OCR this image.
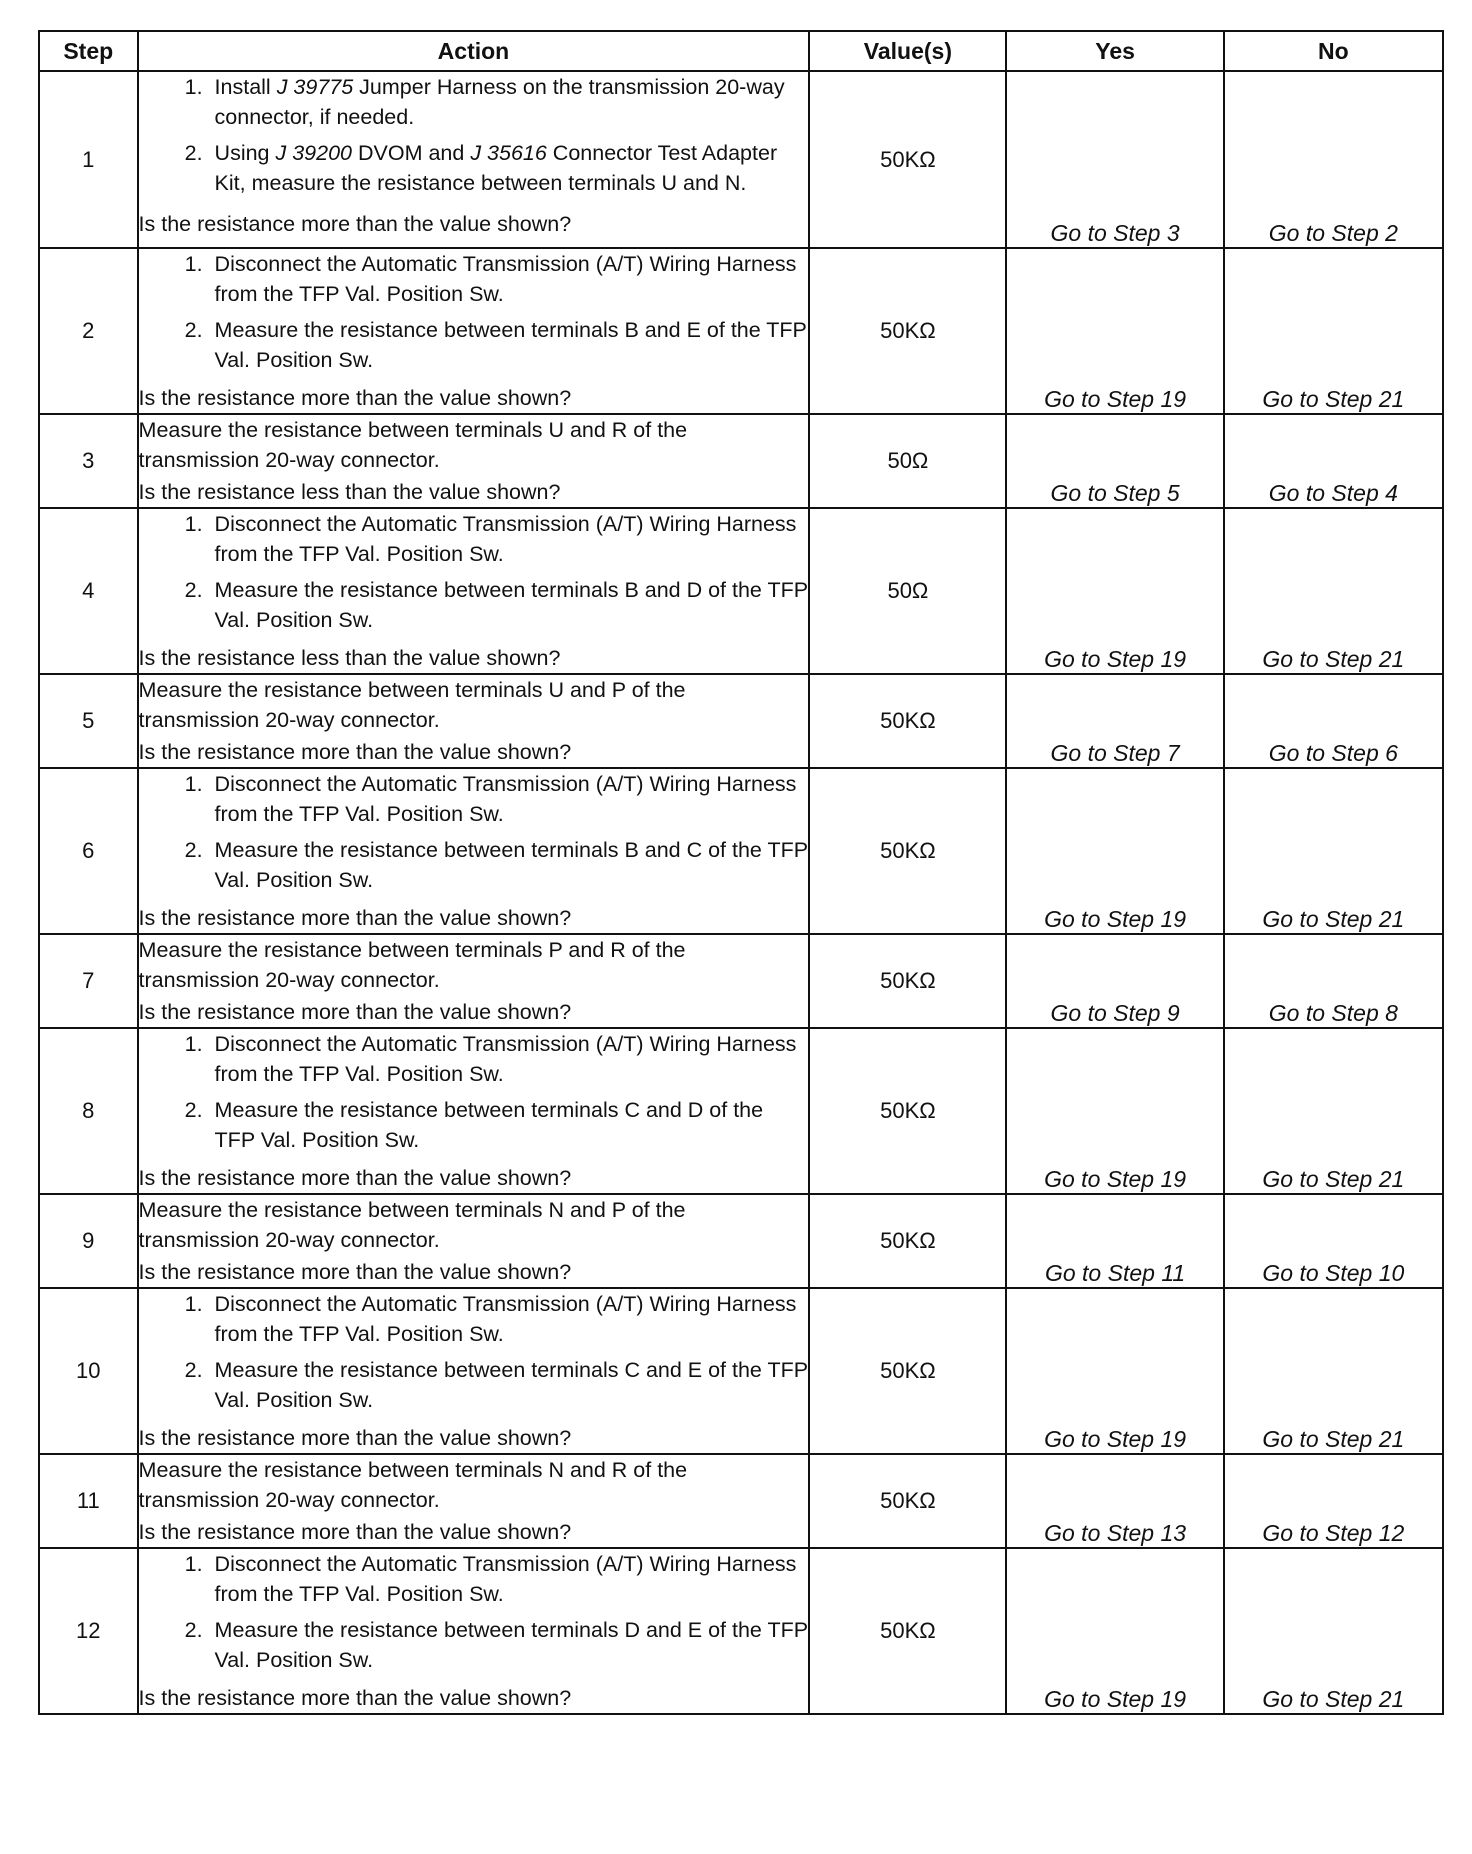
Step	Action	Value(s)	Yes	No
1	1. Install J 39775 Jumper Harness on the transmission 20-way connector, if needed.
2. Using J 39200 DVOM and J 35616 Connector Test Adapter Kit, measure the resistance between terminals U and N.
Is the resistance more than the value shown?	50KΩ	Go to Step 3	Go to Step 2
2	1. Disconnect the Automatic Transmission (A/T) Wiring Harness from the TFP Val. Position Sw.
2. Measure the resistance between terminals B and E of the TFP Val. Position Sw.
Is the resistance more than the value shown?	50KΩ	Go to Step 19	Go to Step 21
3	Measure the resistance between terminals U and R of the transmission 20-way connector.
Is the resistance less than the value shown?	50Ω	Go to Step 5	Go to Step 4
4	1. Disconnect the Automatic Transmission (A/T) Wiring Harness from the TFP Val. Position Sw.
2. Measure the resistance between terminals B and D of the TFP Val. Position Sw.
Is the resistance less than the value shown?	50Ω	Go to Step 19	Go to Step 21
5	Measure the resistance between terminals U and P of the transmission 20-way connector.
Is the resistance more than the value shown?	50KΩ	Go to Step 7	Go to Step 6
6	1. Disconnect the Automatic Transmission (A/T) Wiring Harness from the TFP Val. Position Sw.
2. Measure the resistance between terminals B and C of the TFP Val. Position Sw.
Is the resistance more than the value shown?	50KΩ	Go to Step 19	Go to Step 21
7	Measure the resistance between terminals P and R of the transmission 20-way connector.
Is the resistance more than the value shown?	50KΩ	Go to Step 9	Go to Step 8
8	1. Disconnect the Automatic Transmission (A/T) Wiring Harness from the TFP Val. Position Sw.
2. Measure the resistance between terminals C and D of the TFP Val. Position Sw.
Is the resistance more than the value shown?	50KΩ	Go to Step 19	Go to Step 21
9	Measure the resistance between terminals N and P of the transmission 20-way connector.
Is the resistance more than the value shown?	50KΩ	Go to Step 11	Go to Step 10
10	1. Disconnect the Automatic Transmission (A/T) Wiring Harness from the TFP Val. Position Sw.
2. Measure the resistance between terminals C and E of the TFP Val. Position Sw.
Is the resistance more than the value shown?	50KΩ	Go to Step 19	Go to Step 21
11	Measure the resistance between terminals N and R of the transmission 20-way connector.
Is the resistance more than the value shown?	50KΩ	Go to Step 13	Go to Step 12
12	1. Disconnect the Automatic Transmission (A/T) Wiring Harness from the TFP Val. Position Sw.
2. Measure the resistance between terminals D and E of the TFP Val. Position Sw.
Is the resistance more than the value shown?	50KΩ	Go to Step 19	Go to Step 21
